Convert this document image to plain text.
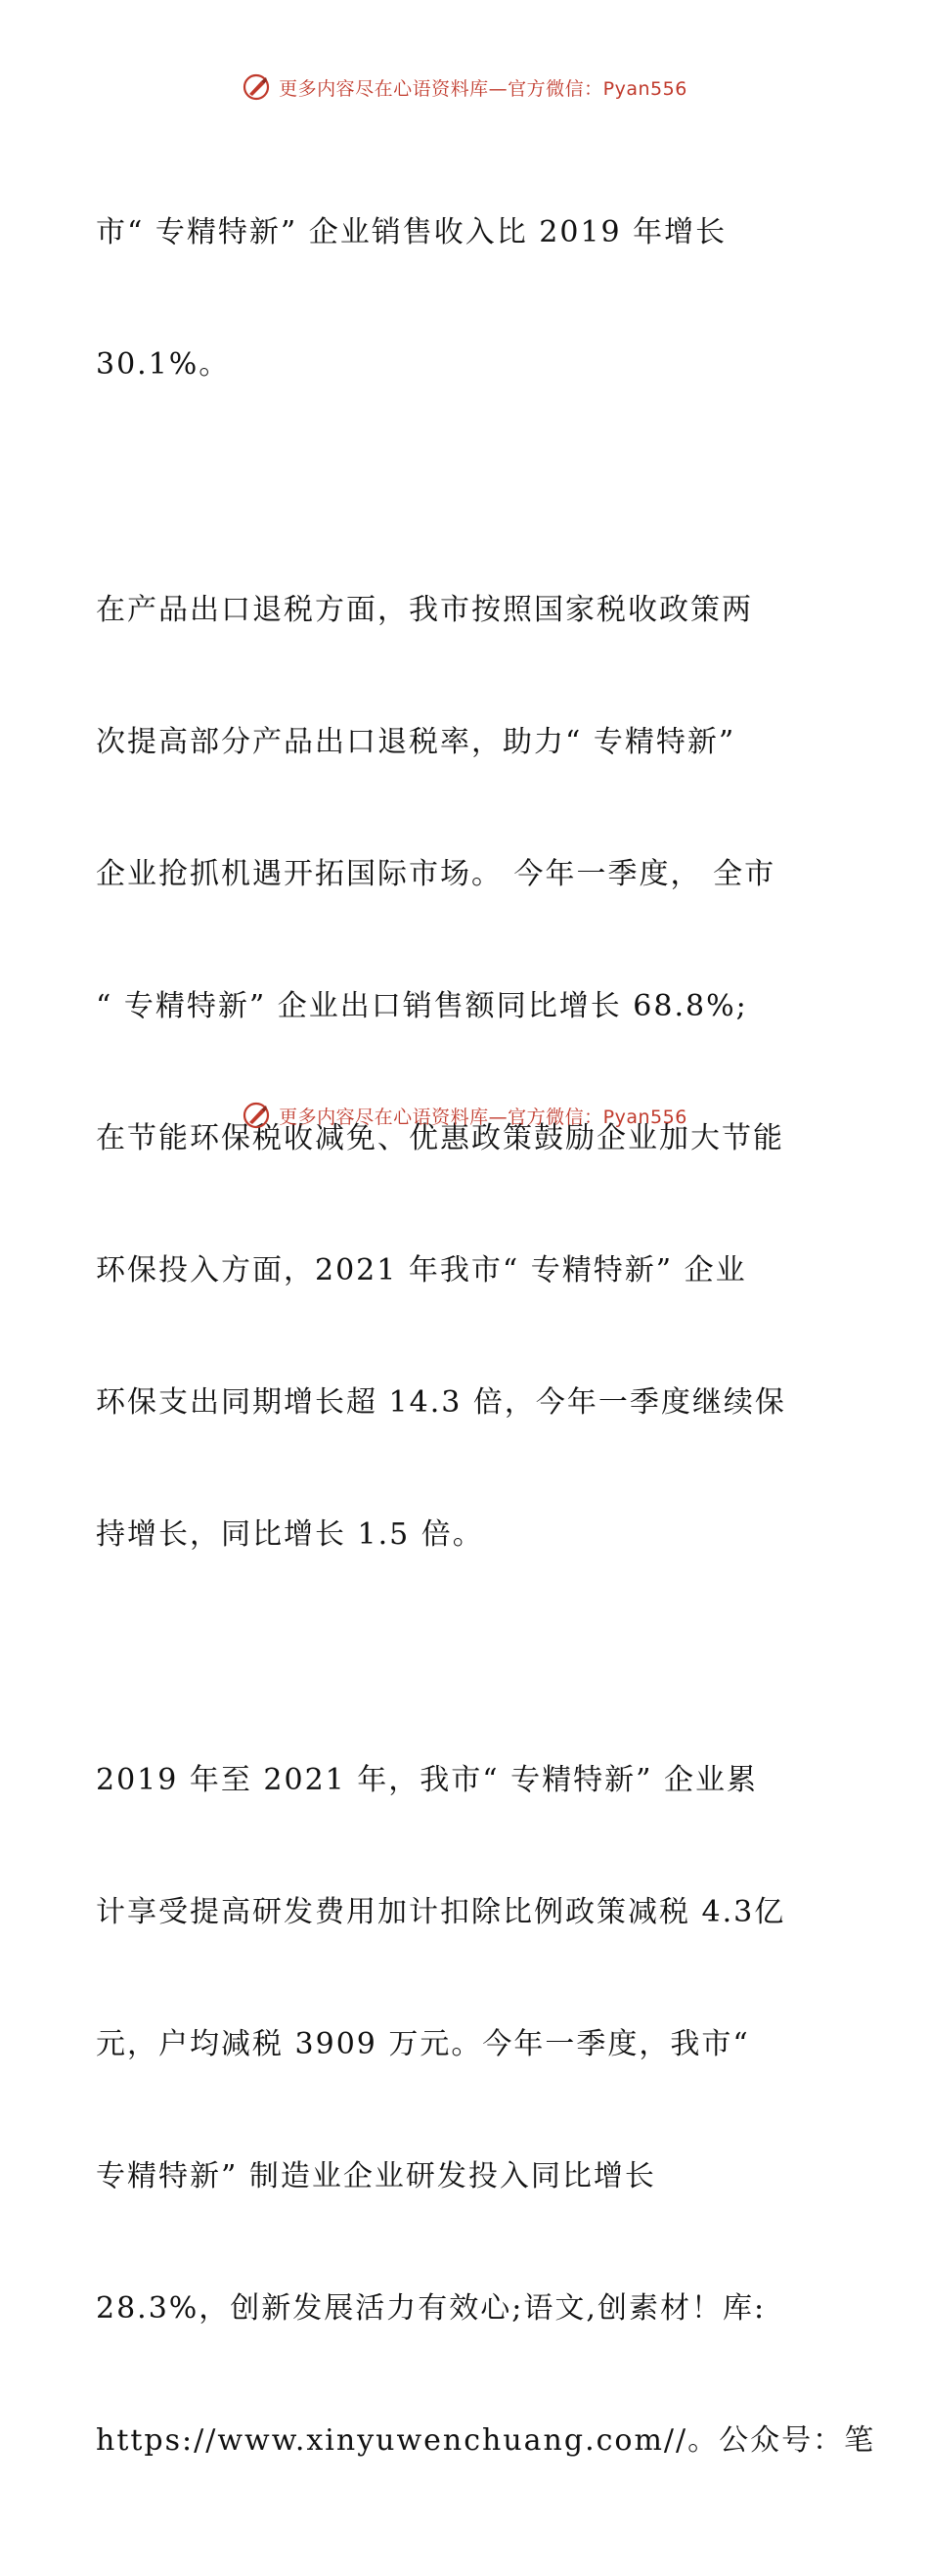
更多内容尽在心语资料库—官方微信：Pyan556

市“ 专精特新” 企业销售收入比 2019 年增长

30.1%。

在产品出口退税方面，我市按照国家税收政策两

次提高部分产品出口退税率，助力“ 专精特新”

企业抢抓机遇开拓国际市场。 今年一季度， 全市

“ 专精特新” 企业出口销售额同比增长 68.8%;

在节能环保税收减免、优惠政策鼓励企业加大节能

环保投入方面，2021 年我市“ 专精特新” 企业

环保支出同期增长超 14.3 倍，今年一季度继续保

持增长，同比增长 1.5 倍。

2019 年至 2021 年，我市“ 专精特新” 企业累

计享受提高研发费用加计扣除比例政策减税 4.3亿

元，户均减税 3909 万元。今年一季度，我市“

专精特新” 制造业企业研发投入同比增长

28.3%，创新发展活力有效心;语文,创素材！库:

https://www.xinyuwenchuang.com//。公众号：笔

更多内容尽在心语资料库—官方微信：Pyan556
